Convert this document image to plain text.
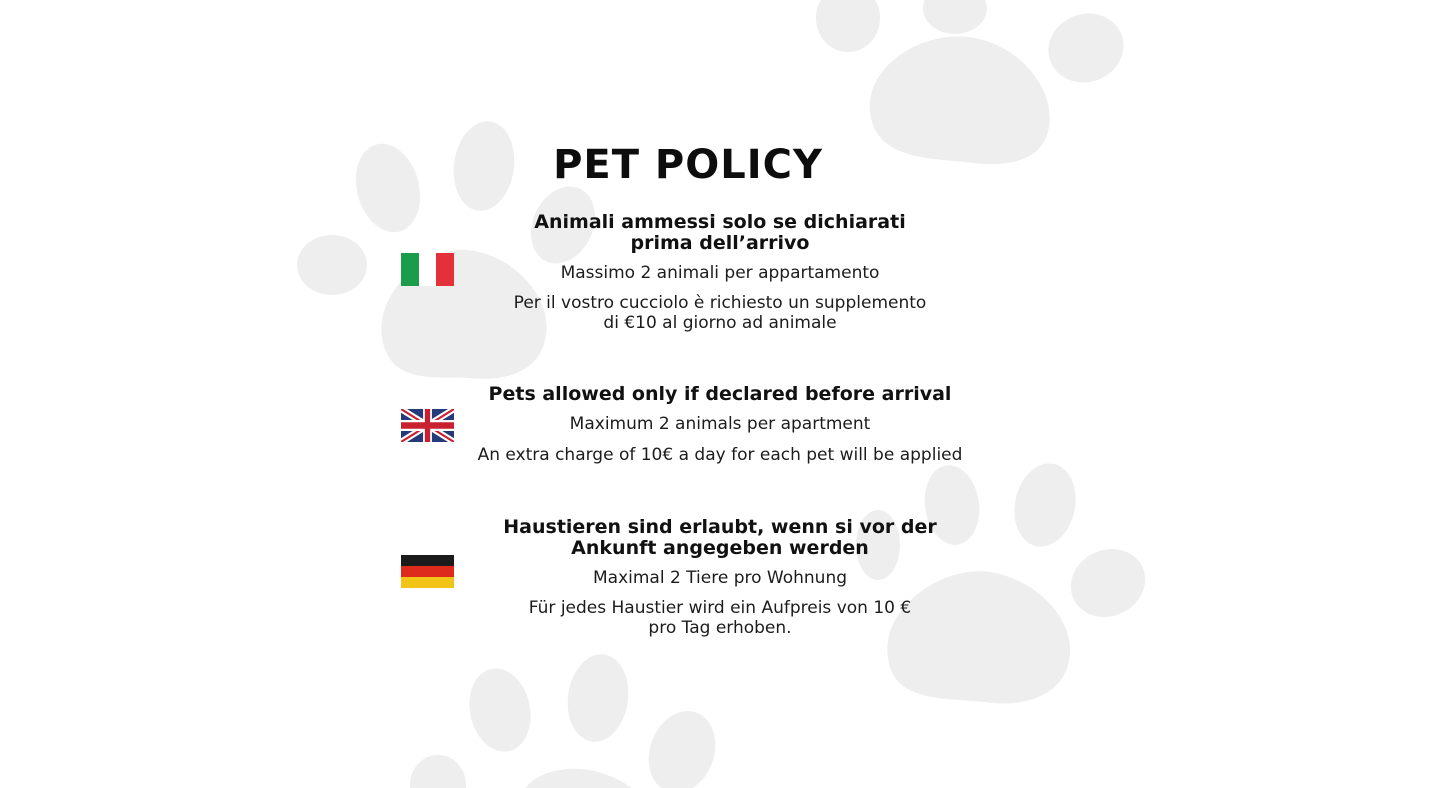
PET POLICY

Animali ammessi solo se dichiarati
prima dell’arrivo

Massimo 2 animali per appartamento

Per il vostro cucciolo è richiesto un supplemento
di €10 al giorno ad animale

Pets allowed only if declared before arrival

Maximum 2 animals per apartment

An extra charge of 10€ a day for each pet will be applied

Haustieren sind erlaubt, wenn si vor der
Ankunft angegeben werden

Maximal 2 Tiere pro Wohnung

Für jedes Haustier wird ein Aufpreis von 10 €
pro Tag erhoben.
